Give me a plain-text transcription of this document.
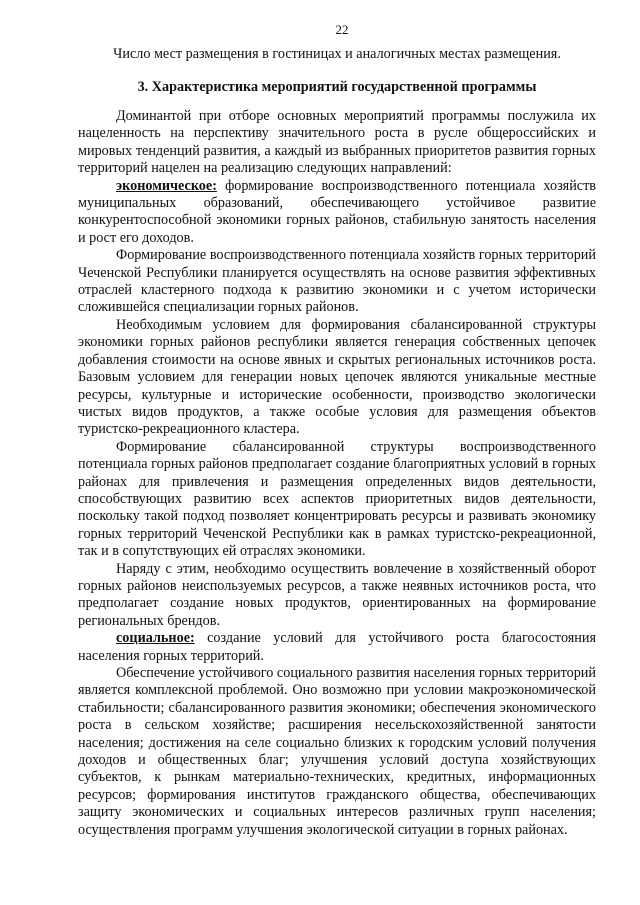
22
Число мест размещения в гостиницах и аналогичных местах размещения.
3. Характеристика мероприятий государственной программы

Доминантой при отборе основных мероприятий программы послужила их нацеленность на перспективу значительного роста в русле общероссийских и мировых тенденций развития, а каждый из выбранных приоритетов развития горных территорий нацелен на реализацию следующих направлений:

экономическое: формирование воспроизводственного потенциала хозяйств муниципальных образований, обеспечивающего устойчивое развитие конкурентоспособной экономики горных районов, стабильную занятость населения и рост его доходов.

Формирование воспроизводственного потенциала хозяйств горных территорий Чеченской Республики планируется осуществлять на основе развития эффективных отраслей кластерного подхода к развитию экономики и с учетом исторически сложившейся специализации горных районов.

Необходимым условием для формирования сбалансированной структуры экономики горных районов республики является генерация собственных цепочек добавления стоимости на основе явных и скрытых региональных источников роста. Базовым условием для генерации новых цепочек являются уникальные местные ресурсы, культурные и исторические особенности, производство экологически чистых видов продуктов, а также особые условия для размещения объектов туристско-рекреационного кластера.

Формирование сбалансированной структуры воспроизводственного потенциала горных районов предполагает создание благоприятных условий в горных районах для привлечения и размещения определенных видов деятельности, способствующих развитию всех аспектов приоритетных видов деятельности, поскольку такой подход позволяет концентрировать ресурсы и развивать экономику горных территорий Чеченской Республики как в рамках туристско-рекреационной, так и в сопутствующих ей отраслях экономики.

Наряду с этим, необходимо осуществить вовлечение в хозяйственный оборот горных районов неиспользуемых ресурсов, а также неявных источников роста, что предполагает создание новых продуктов, ориентированных на формирование региональных брендов.

социальное: создание условий для устойчивого роста благосостояния населения горных территорий.

Обеспечение устойчивого социального развития населения горных территорий является комплексной проблемой. Оно возможно при условии макроэкономической стабильности; сбалансированного развития экономики; обеспечения экономического роста в сельском хозяйстве; расширения несельскохозяйственной занятости населения; достижения на селе социально близких к городским условий получения доходов и общественных благ; улучшения условий доступа хозяйствующих субъектов, к рынкам материально-технических, кредитных, информационных ресурсов; формирования институтов гражданского общества, обеспечивающих защиту экономических и социальных интересов различных групп населения; осуществления программ улучшения экологической ситуации в горных районах.
